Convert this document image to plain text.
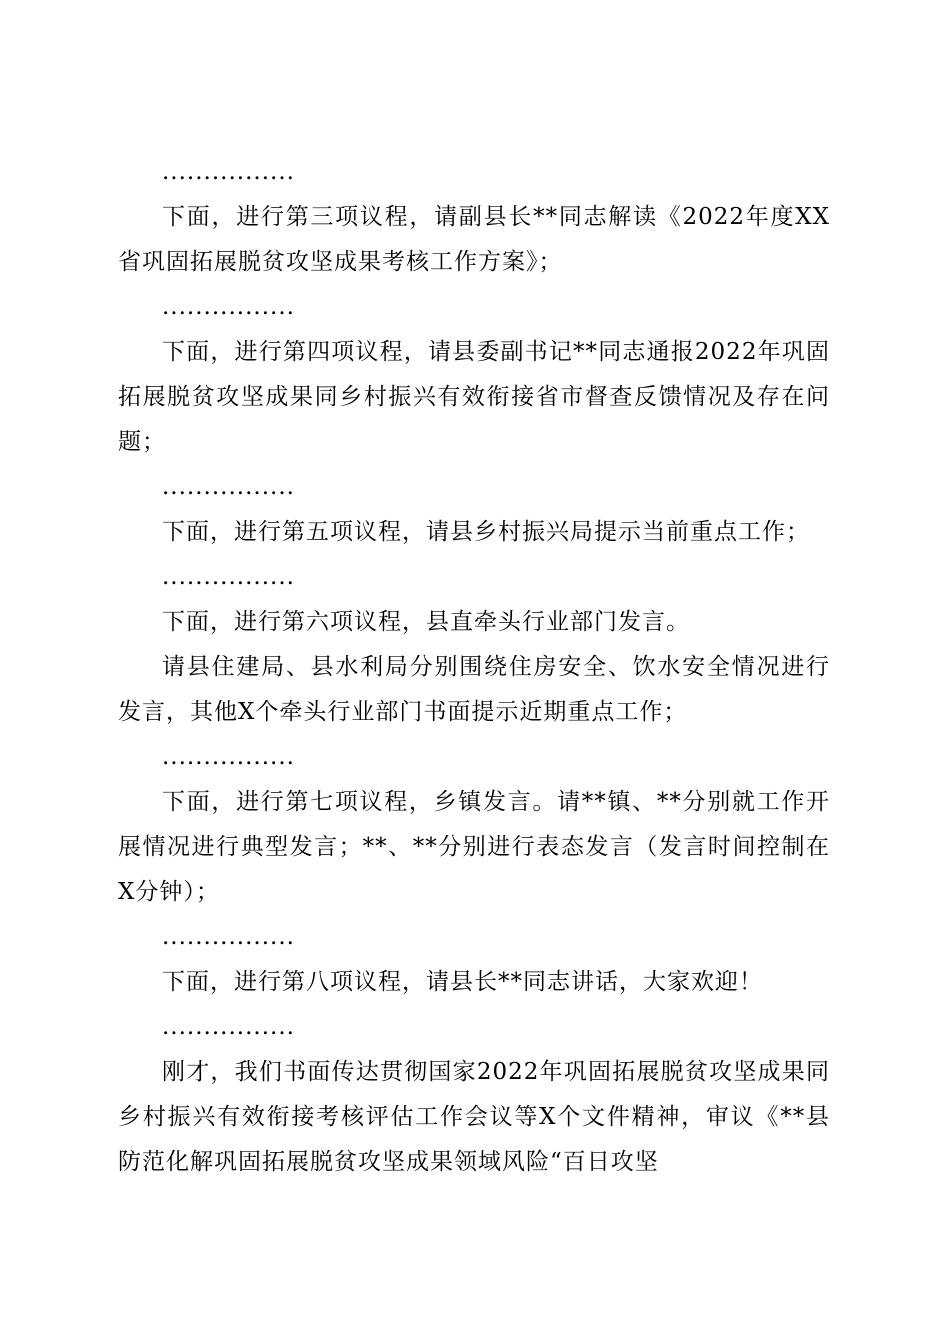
................

下面，进行第三项议程，请副县长**同志解读《2022年度XX省巩固拓展脱贫攻坚成果考核工作方案》；

................

下面，进行第四项议程，请县委副书记**同志通报2022年巩固拓展脱贫攻坚成果同乡村振兴有效衔接省市督查反馈情况及存在问题；

................

下面，进行第五项议程，请县乡村振兴局提示当前重点工作；

................

下面，进行第六项议程，县直牵头行业部门发言。

请县住建局、县水利局分别围绕住房安全、饮水安全情况进行发言，其他X个牵头行业部门书面提示近期重点工作；

................

下面，进行第七项议程，乡镇发言。请**镇、**分别就工作开展情况进行典型发言；**、**分别进行表态发言（发言时间控制在X分钟）；

................

下面，进行第八项议程，请县长**同志讲话，大家欢迎！

................

刚才，我们书面传达贯彻国家2022年巩固拓展脱贫攻坚成果同乡村振兴有效衔接考核评估工作会议等X个文件精神，审议《**县防范化解巩固拓展脱贫攻坚成果领域风险“百日攻坚
